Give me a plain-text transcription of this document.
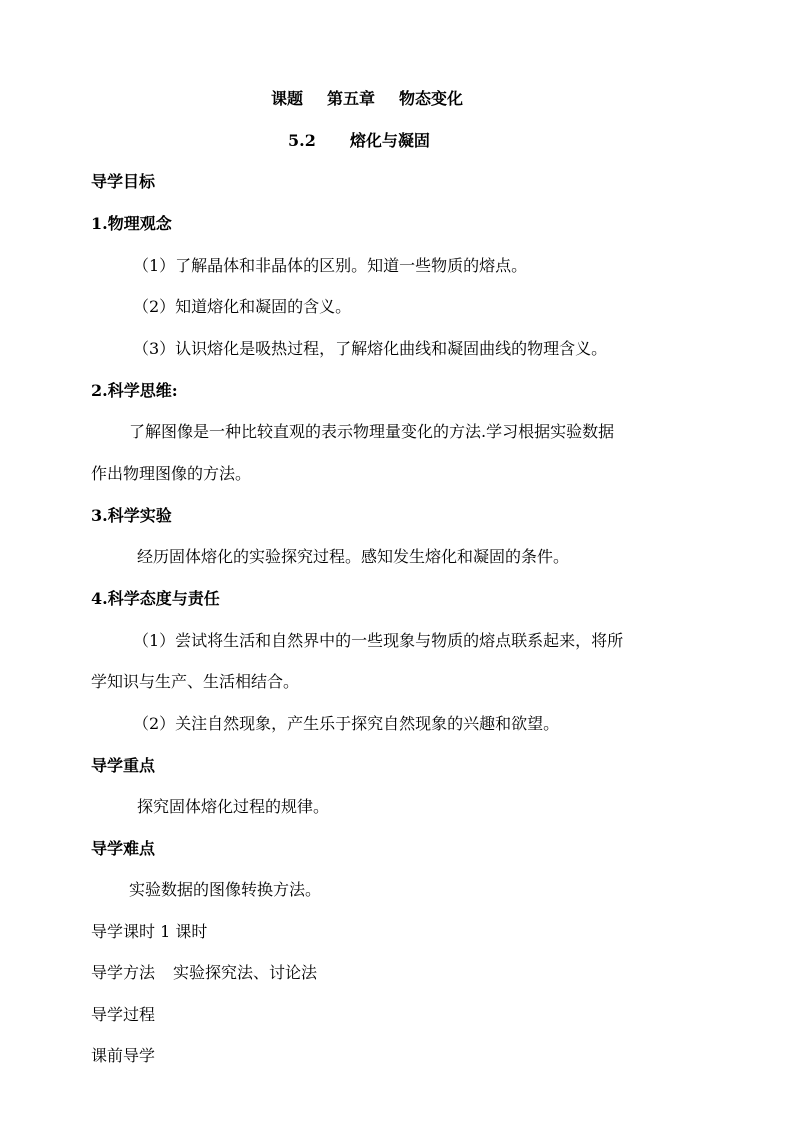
课题 第五章 物态变化
5.2 熔化与凝固
导学目标
1.物理观念
（1）了解晶体和非晶体的区别。知道一些物质的熔点。
（2）知道熔化和凝固的含义。
（3）认识熔化是吸热过程，了解熔化曲线和凝固曲线的物理含义。
2.科学思维:
了解图像是一种比较直观的表示物理量变化的方法.学习根据实验数据
作出物理图像的方法。
3.科学实验
经历固体熔化的实验探究过程。感知发生熔化和凝固的条件。
4.科学态度与责任
（1）尝试将生活和自然界中的一些现象与物质的熔点联系起来，将所
学知识与生产、生活相结合。
（2）关注自然现象，产生乐于探究自然现象的兴趣和欲望。
导学重点
探究固体熔化过程的规律。
导学难点
实验数据的图像转换方法。
导学课时 1 课时
导学方法 实验探究法、讨论法
导学过程
课前导学
